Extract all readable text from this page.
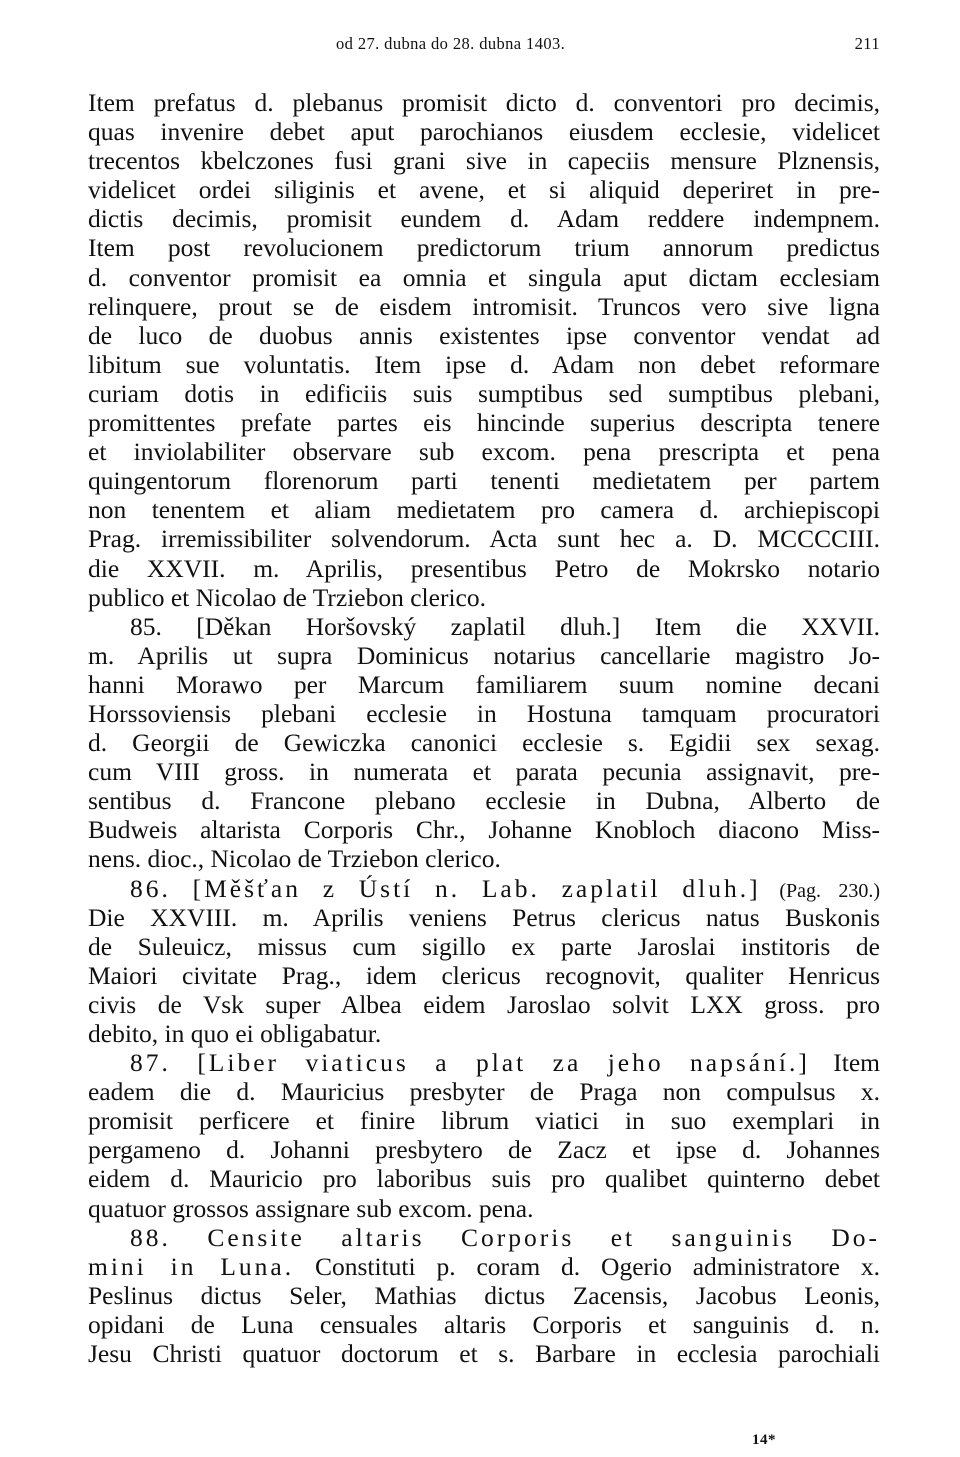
od 27. dubna do 28. dubna 1403.	211
Item prefatus d. plebanus promisit dicto d. conventori pro decimis,
quas invenire debet aput parochianos eiusdem ecclesie, videlicet
trecentos kbelczones fusi grani sive in capeciis mensure Plznensis,
videlicet ordei siliginis et avene, et si aliquid deperiret in pre-
dictis decimis, promisit eundem d. Adam reddere indempnem.
Item post revolucionem predictorum trium annorum predictus
d. conventor promisit ea omnia et singula aput dictam ecclesiam
relinquere, prout se de eisdem intromisit. Truncos vero sive ligna
de luco de duobus annis existentes ipse conventor vendat ad
libitum sue voluntatis. Item ipse d. Adam non debet reformare
curiam dotis in edificiis suis sumptibus sed sumptibus plebani,
promittentes prefate partes eis hincinde superius descripta tenere
et inviolabiliter observare sub excom. pena prescripta et pena
quingentorum florenorum parti tenenti medietatem per partem
non tenentem et aliam medietatem pro camera d. archiepiscopi
Prag. irremissibiliter solvendorum. Acta sunt hec a. D. MCCCCIII.
die XXVII. m. Aprilis, presentibus Petro de Mokrsko notario
publico et Nicolao de Trziebon clerico.
85. [Děkan Horšovský zaplatil dluh.] Item die XXVII.
m. Aprilis ut supra Dominicus notarius cancellarie magistro Jo-
hanni Morawo per Marcum familiarem suum nomine decani
Horssoviensis plebani ecclesie in Hostuna tamquam procuratori
d. Georgii de Gewiczka canonici ecclesie s. Egidii sex sexag.
cum VIII gross. in numerata et parata pecunia assignavit, pre-
sentibus d. Francone plebano ecclesie in Dubna, Alberto de
Budweis altarista Corporis Chr., Johanne Knobloch diacono Miss-
nens. dioc., Nicolao de Trziebon clerico.
86. [Měšťan z Ústí n. Lab. zaplatil dluh.] (Pag. 230.)
Die XXVIII. m. Aprilis veniens Petrus clericus natus Buskonis
de Suleuicz, missus cum sigillo ex parte Jaroslai institoris de
Maiori civitate Prag., idem clericus recognovit, qualiter Henricus
civis de Vsk super Albea eidem Jaroslao solvit LXX gross. pro
debito, in quo ei obligabatur.
87. [Liber viaticus a plat za jeho napsání.] Item
eadem die d. Mauricius presbyter de Praga non compulsus x.
promisit perficere et finire librum viatici in suo exemplari in
pergameno d. Johanni presbytero de Zacz et ipse d. Johannes
eidem d. Mauricio pro laboribus suis pro qualibet quinterno debet
quatuor grossos assignare sub excom. pena.
88. Censite altaris Corporis et sanguinis Do-
mini in Luna. Constituti p. coram d. Ogerio administratore x.
Peslinus dictus Seler, Mathias dictus Zacensis, Jacobus Leonis,
opidani de Luna censuales altaris Corporis et sanguinis d. n.
Jesu Christi quatuor doctorum et s. Barbare in ecclesia parochiali
14*
